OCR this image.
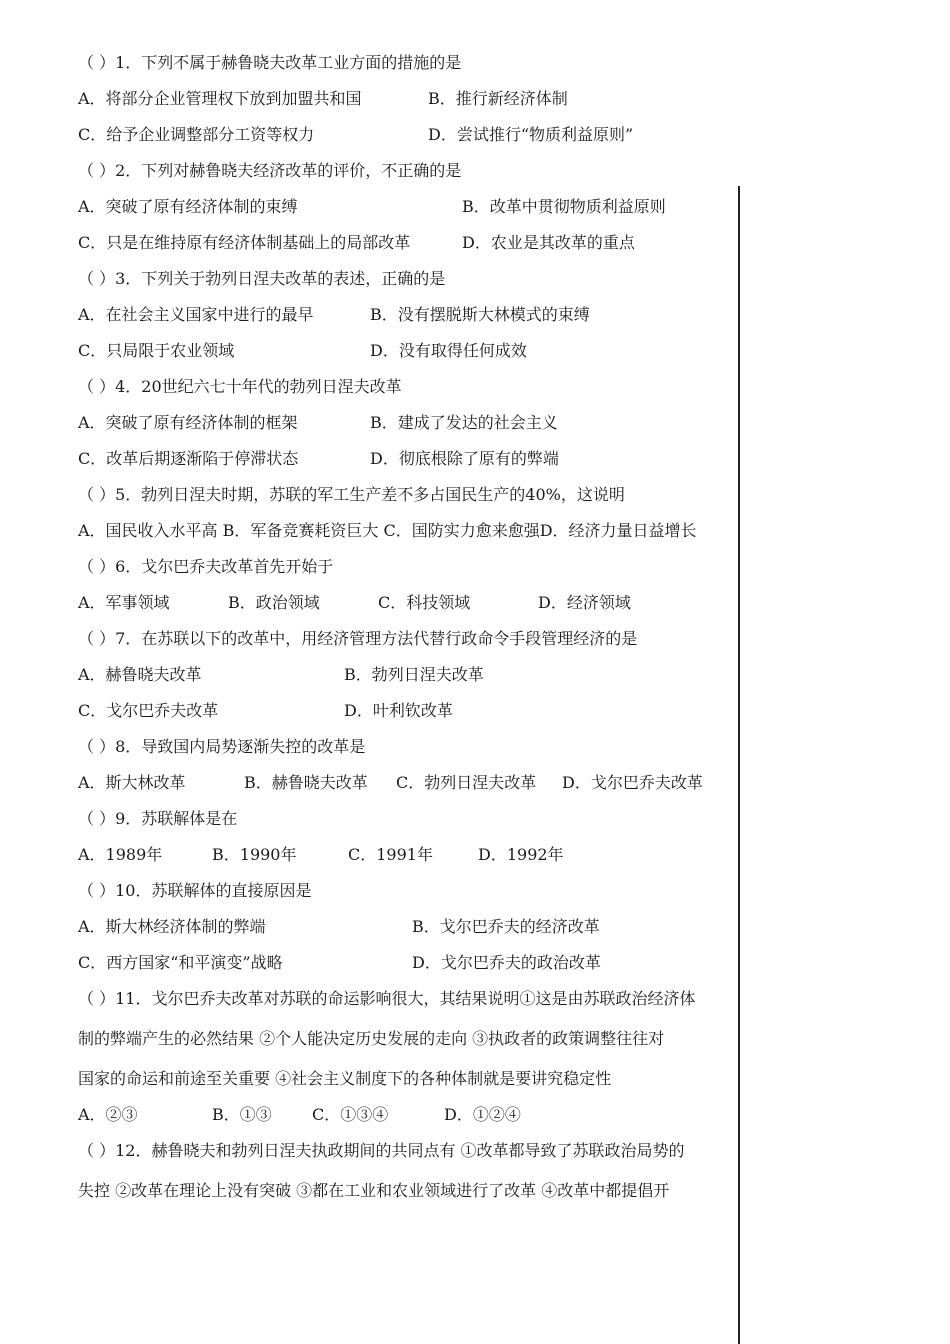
（ ）1．下列不属于赫鲁晓夫改革工业方面的措施的是
A．将部分企业管理权下放到加盟共和国	B．推行新经济体制
C．给予企业调整部分工资等权力	D．尝试推行“物质利益原则”
（ ）2．下列对赫鲁晓夫经济改革的评价，不正确的是
A．突破了原有经济体制的束缚	B．改革中贯彻物质利益原则
C．只是在维持原有经济体制基础上的局部改革	D．农业是其改革的重点
（ ）3．下列关于勃列日涅夫改革的表述，正确的是
A．在社会主义国家中进行的最早	B．没有摆脱斯大林模式的束缚
C．只局限于农业领域	D．没有取得任何成效
（ ）4．20世纪六七十年代的勃列日涅夫改革
A．突破了原有经济体制的框架	B．建成了发达的社会主义
C．改革后期逐渐陷于停滞状态	D．彻底根除了原有的弊端
（ ）5．勃列日涅夫时期，苏联的军工生产差不多占国民生产的40%，这说明
A．国民收入水平高 B．军备竞赛耗资巨大 C．国防实力愈来愈强D．经济力量日益增长
（ ）6．戈尔巴乔夫改革首先开始于
A．军事领域	B．政治领域	C．科技领域	D．经济领域
（ ）7．在苏联以下的改革中，用经济管理方法代替行政命令手段管理经济的是
A．赫鲁晓夫改革	B．勃列日涅夫改革
C．戈尔巴乔夫改革	D．叶利钦改革
（ ）8．导致国内局势逐渐失控的改革是
A．斯大林改革	B．赫鲁晓夫改革 C．勃列日涅夫改革 D．戈尔巴乔夫改革
（ ）9．苏联解体是在
A．1989年	B．1990年	C．1991年	D．1992年
（ ）10．苏联解体的直接原因是
A．斯大林经济体制的弊端	B．戈尔巴乔夫的经济改革
C．西方国家“和平演变”战略	D．戈尔巴乔夫的政治改革
（ ）11．戈尔巴乔夫改革对苏联的命运影响很大，其结果说明①这是由苏联政治经济体
制的弊端产生的必然结果 ②个人能决定历史发展的走向 ③执政者的政策调整往往对
国家的命运和前途至关重要 ④社会主义制度下的各种体制就是要讲究稳定性
A．②③	B．①③	C．①③④	D．①②④
（ ）12．赫鲁晓夫和勃列日涅夫执政期间的共同点有 ①改革都导致了苏联政治局势的
失控 ②改革在理论上没有突破 ③都在工业和农业领域进行了改革 ④改革中都提倡开
